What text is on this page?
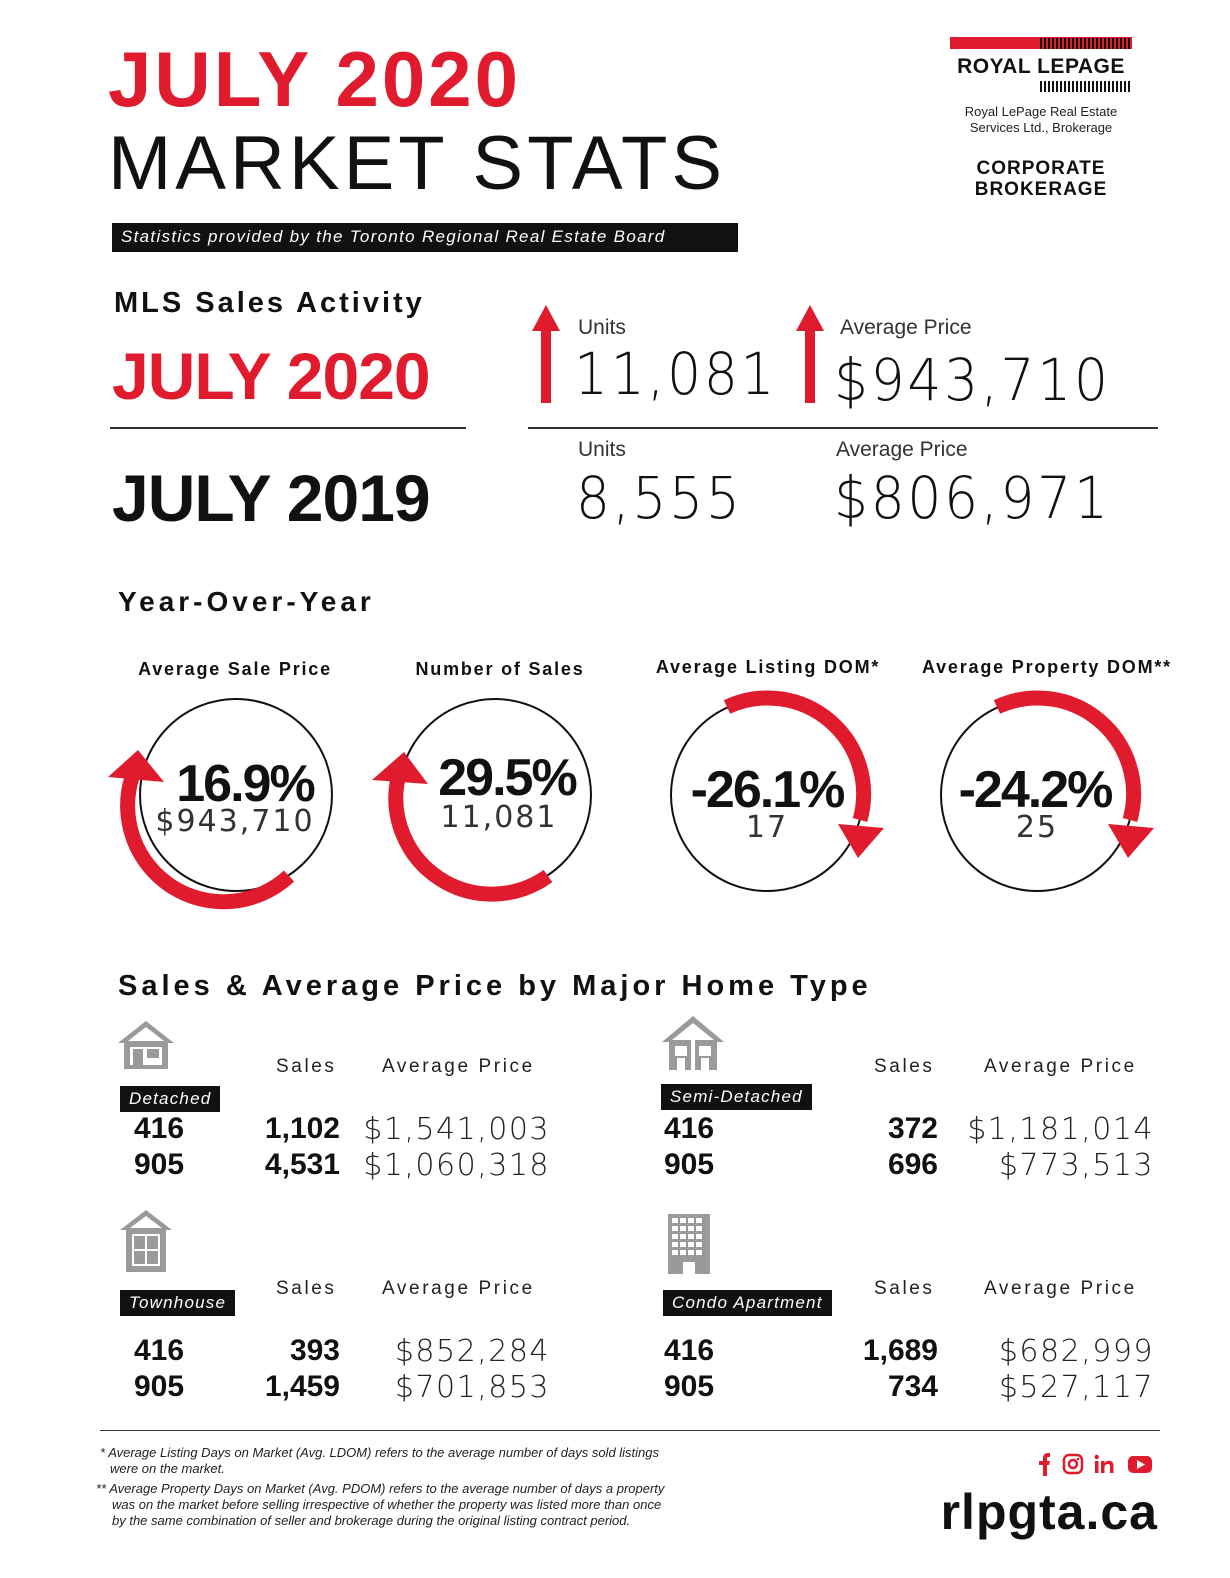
JULY 2020
MARKET STATS
Statistics provided by the Toronto Regional Real Estate Board
ROYAL LEPAGE
Royal LePage Real Estate
Services Ltd., Brokerage
CORPORATE
BROKERAGE
MLS Sales Activity
JULY 2020
JULY 2019
Units
11,081
Average Price
$943,710
Units
8,555
Average Price
$806,971
Year-Over-Year
Average Sale Price	Number of Sales	Average Listing DOM*	Average Property DOM**
16.9%
$943,710
29.5%
11,081	-26.1%
17
-24.2%
25
Sales & Average Price by Major Home Type
Sales Average Price
Detached
416	1,102 $1,541,003
905	4,531 $1,060,318
Sales	Average Price
Semi-Detached
416	372 $1,181,014
905	696	$773,513
Sales Average Price
Townhouse
416	393	$852,284
905	1,459	$701,853
Sales	Average Price
Condo Apartment
416	1,689	$682,999
905	734	$527,117
* Average Listing Days on Market (Avg. LDOM) refers to the average number of days sold listings
were on the market.
** Average Property Days on Market (Avg. PDOM) refers to the average number of days a property
was on the market before selling irrespective of whether the property was listed more than once
by the same combination of seller and brokerage during the original listing contract period.	rlpgta.ca
